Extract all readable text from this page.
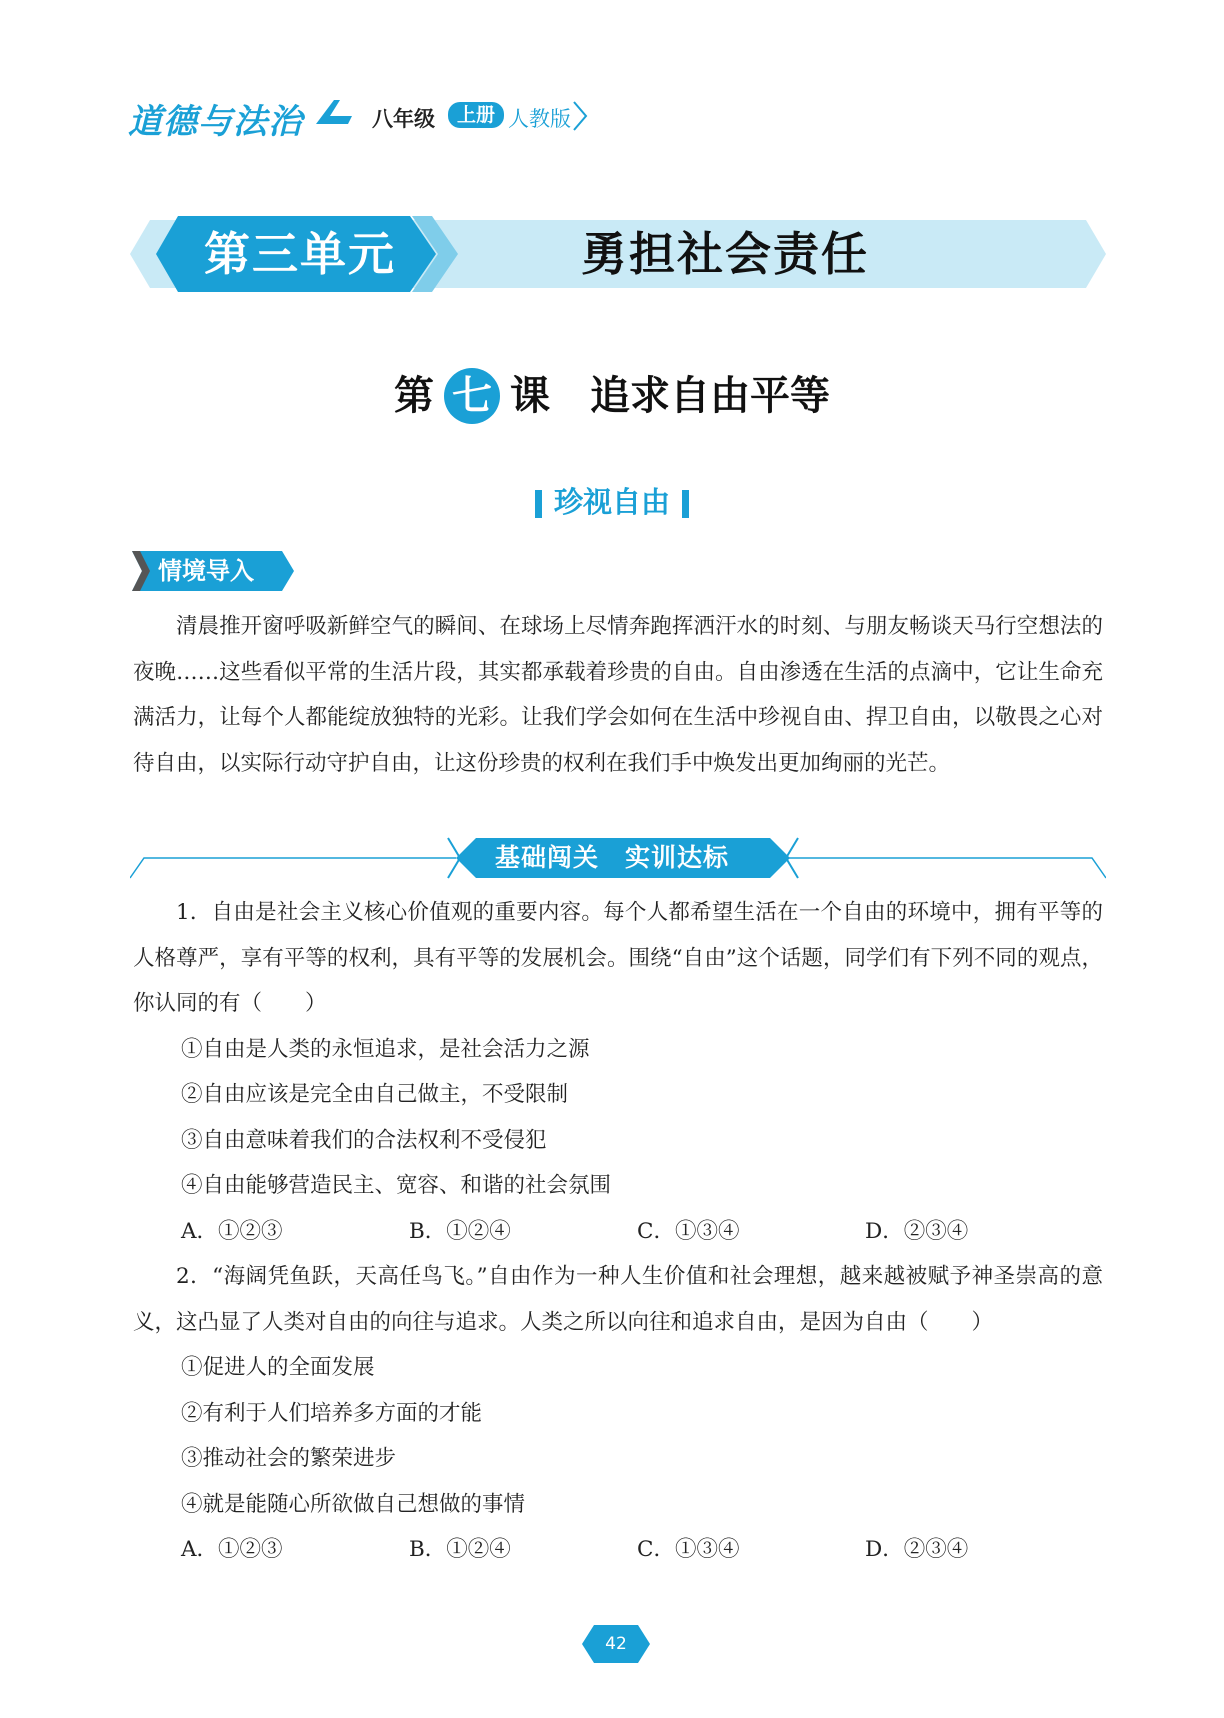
道德与法治	八年级	上册 人教版
第三单元	勇担社会责任
第 七 课 追求自由平等
珍视自由
情境导入
清晨推开窗呼吸新鲜空气的瞬间、在球场上尽情奔跑挥洒汗水的时刻、与朋友畅谈天马行空想法的夜晚……这些看似平常的生活片段，其实都承载着珍贵的自由。自由渗透在生活的点滴中，它让生命充满活力，让每个人都能绽放独特的光彩。让我们学会如何在生活中珍视自由、捍卫自由，以敬畏之心对待自由，以实际行动守护自由，让这份珍贵的权利在我们手中焕发出更加绚丽的光芒。
基础闯关　实训达标
1．自由是社会主义核心价值观的重要内容。每个人都希望生活在一个自由的环境中，拥有平等的人格尊严，享有平等的权利，具有平等的发展机会。围绕“自由”这个话题，同学们有下列不同的观点，你认同的有（　　）
①自由是人类的永恒追求，是社会活力之源
②自由应该是完全由自己做主，不受限制
③自由意味着我们的合法权利不受侵犯
④自由能够营造民主、宽容、和谐的社会氛围
A．①②③	B．①②④	C．①③④	D．②③④
2．“海阔凭鱼跃，天高任鸟飞。”自由作为一种人生价值和社会理想，越来越被赋予神圣崇高的意义，这凸显了人类对自由的向往与追求。人类之所以向往和追求自由，是因为自由（　　）
①促进人的全面发展
②有利于人们培养多方面的才能
③推动社会的繁荣进步
④就是能随心所欲做自己想做的事情
A．①②③	B．①②④	C．①③④	D．②③④
42
